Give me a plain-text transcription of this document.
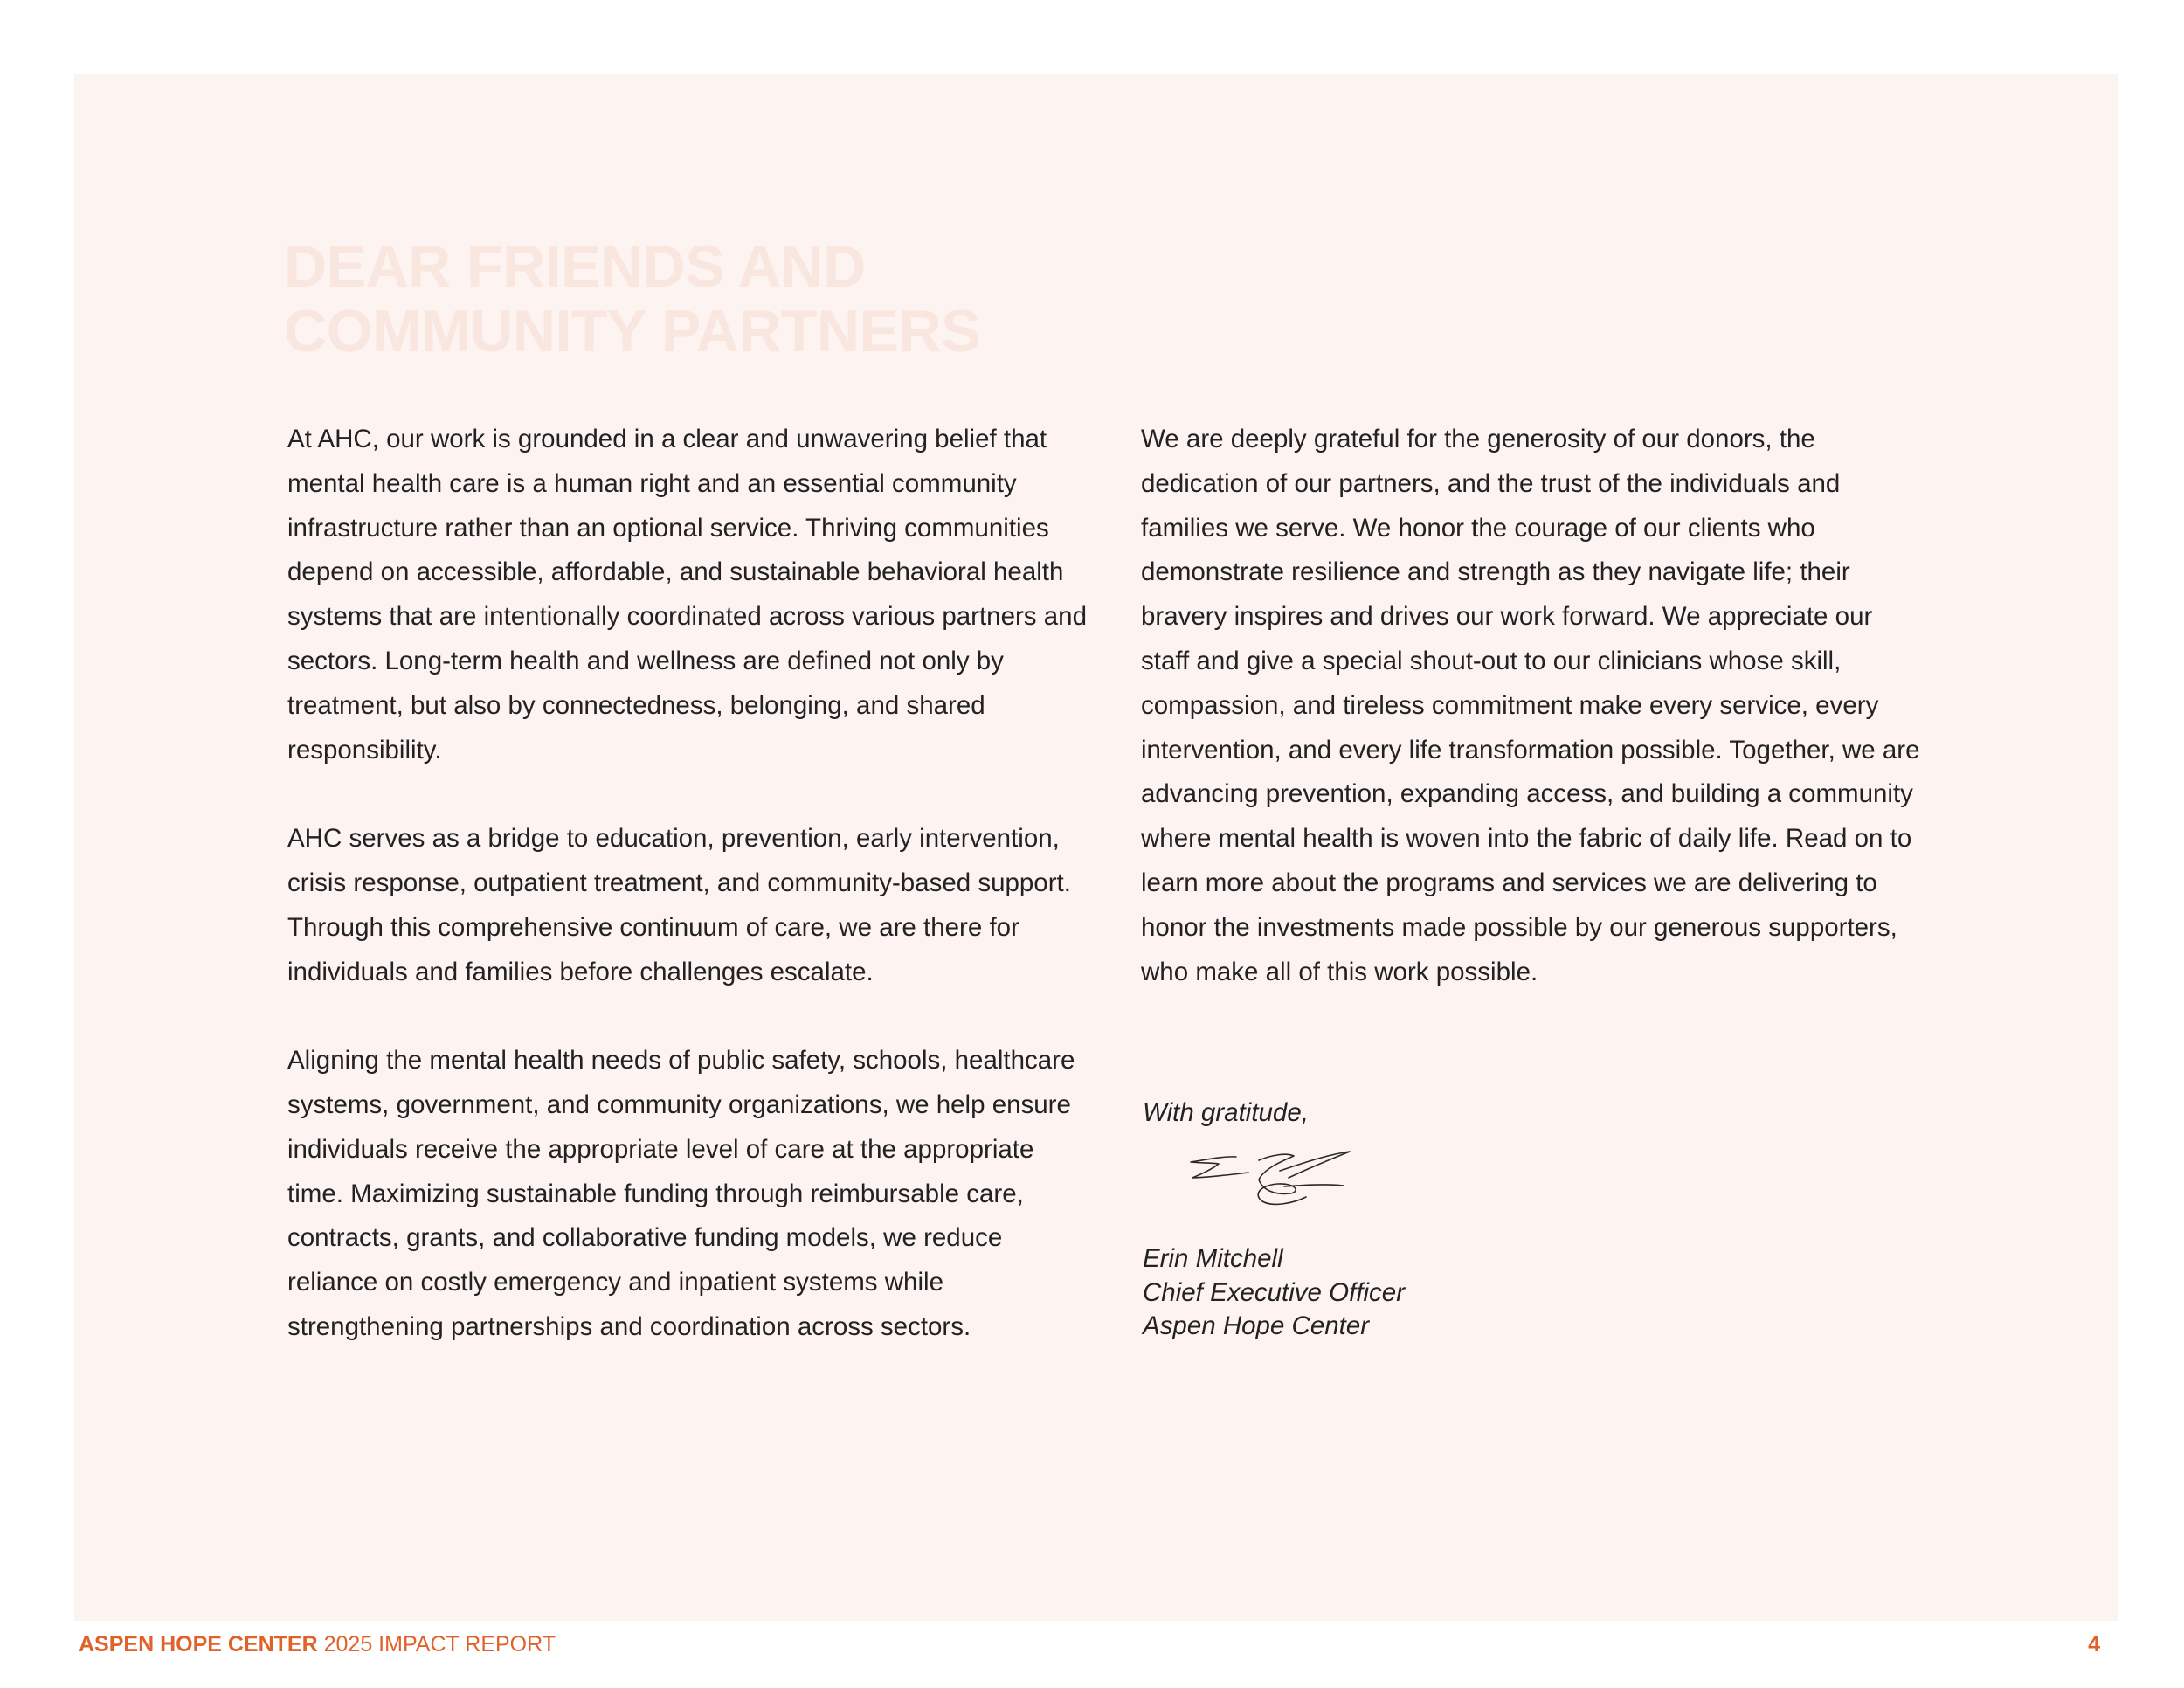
DEAR FRIENDS AND
COMMUNITY PARTNERS

At AHC, our work is grounded in a clear and unwavering belief that mental health care is a human right and an essential community infrastructure rather than an optional service. Thriving communities depend on accessible, affordable, and sustainable behavioral health systems that are intentionally coordinated across various partners and sectors. Long-term health and wellness are defined not only by treatment, but also by connectedness, belonging, and shared responsibility.

AHC serves as a bridge to education, prevention, early intervention, crisis response, outpatient treatment, and community-based support. Through this comprehensive continuum of care, we are there for individuals and families before challenges escalate.

Aligning the mental health needs of public safety, schools, healthcare systems, government, and community organizations, we help ensure individuals receive the appropriate level of care at the appropriate time. Maximizing sustainable funding through reimbursable care, contracts, grants, and collaborative funding models, we reduce reliance on costly emergency and inpatient systems while strengthening partnerships and coordination across sectors.

We are deeply grateful for the generosity of our donors, the dedication of our partners, and the trust of the individuals and families we serve. We honor the courage of our clients who demonstrate resilience and strength as they navigate life; their bravery inspires and drives our work forward. We appreciate our staff and give a special shout-out to our clinicians whose skill, compassion, and tireless commitment make every service, every intervention, and every life transformation possible. Together, we are advancing prevention, expanding access, and building a community where mental health is woven into the fabric of daily life. Read on to learn more about the programs and services we are delivering to honor the investments made possible by our generous supporters, who make all of this work possible.

With gratitude,
Erin Mitchell
Chief Executive Officer
Aspen Hope Center
ASPEN HOPE CENTER 2025 IMPACT REPORT	4
